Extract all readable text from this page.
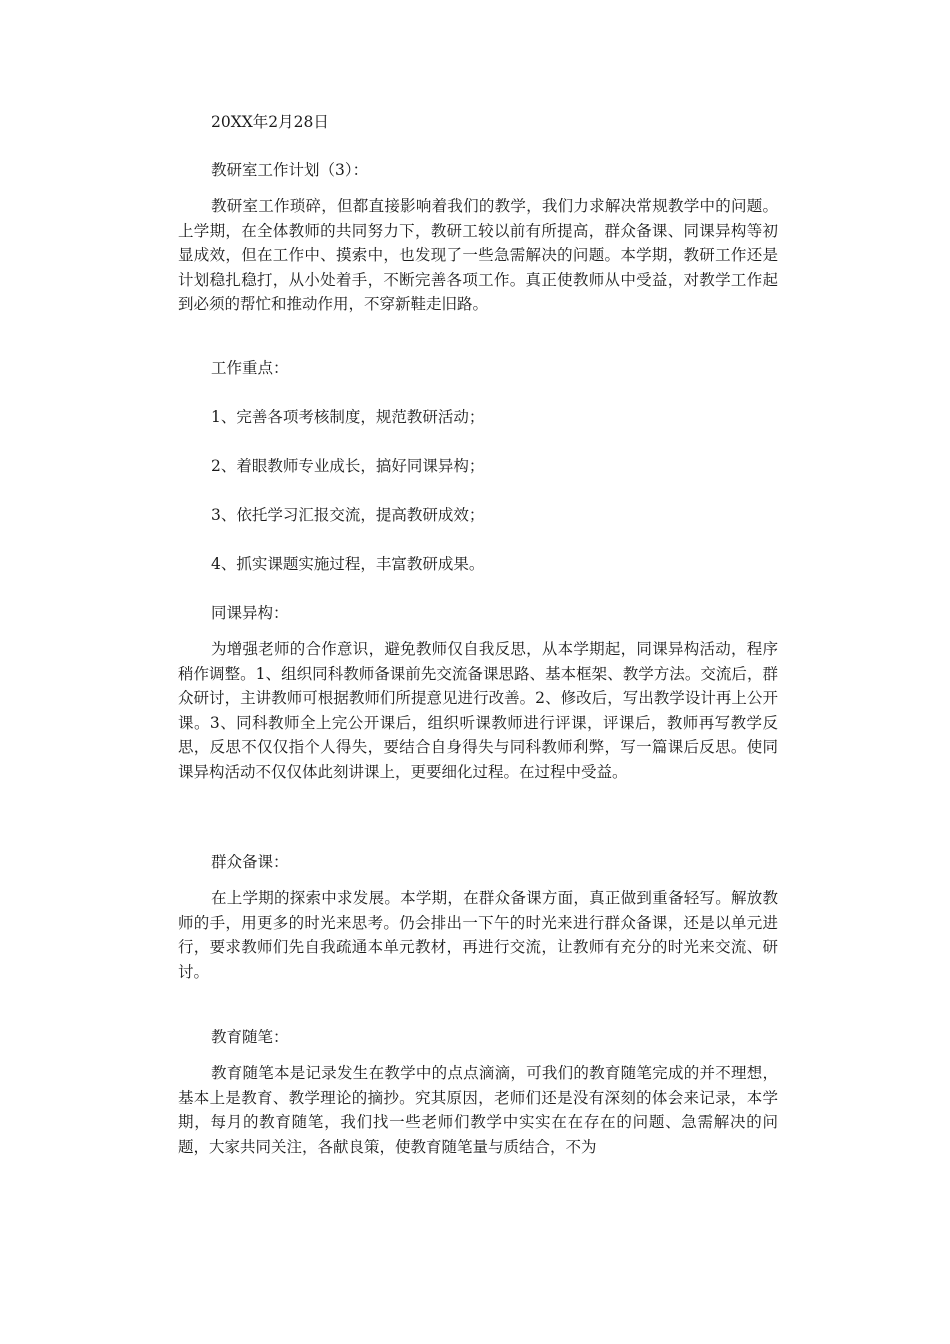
20XX年2月28日
教研室工作计划（3）：

教研室工作琐碎，但都直接影响着我们的教学，我们力求解决常规教学中的问题。上学期，在全体教师的共同努力下，教研工较以前有所提高，群众备课、同课异构等初显成效，但在工作中、摸索中，也发现了一些急需解决的问题。本学期，教研工作还是计划稳扎稳打，从小处着手，不断完善各项工作。真正使教师从中受益，对教学工作起到必须的帮忙和推动作用，不穿新鞋走旧路。

工作重点：
1、完善各项考核制度，规范教研活动；
2、着眼教师专业成长，搞好同课异构；
3、依托学习汇报交流，提高教研成效；
4、抓实课题实施过程，丰富教研成果。
同课异构：

为增强老师的合作意识，避免教师仅自我反思，从本学期起，同课异构活动，程序稍作调整。1、组织同科教师备课前先交流备课思路、基本框架、教学方法。交流后，群众研讨，主讲教师可根据教师们所提意见进行改善。2、修改后，写出教学设计再上公开课。3、同科教师全上完公开课后，组织听课教师进行评课，评课后，教师再写教学反思，反思不仅仅指个人得失，要结合自身得失与同科教师利弊，写一篇课后反思。使同课异构活动不仅仅体此刻讲课上，更要细化过程。在过程中受益。

群众备课：

在上学期的探索中求发展。本学期，在群众备课方面，真正做到重备轻写。解放教师的手，用更多的时光来思考。仍会排出一下午的时光来进行群众备课，还是以单元进行，要求教师们先自我疏通本单元教材，再进行交流，让教师有充分的时光来交流、研讨。

教育随笔：

教育随笔本是记录发生在教学中的点点滴滴，可我们的教育随笔完成的并不理想，基本上是教育、教学理论的摘抄。究其原因，老师们还是没有深刻的体会来记录，本学期，每月的教育随笔，我们找一些老师们教学中实实在在存在的问题、急需解决的问题，大家共同关注，各献良策，使教育随笔量与质结合，不为
